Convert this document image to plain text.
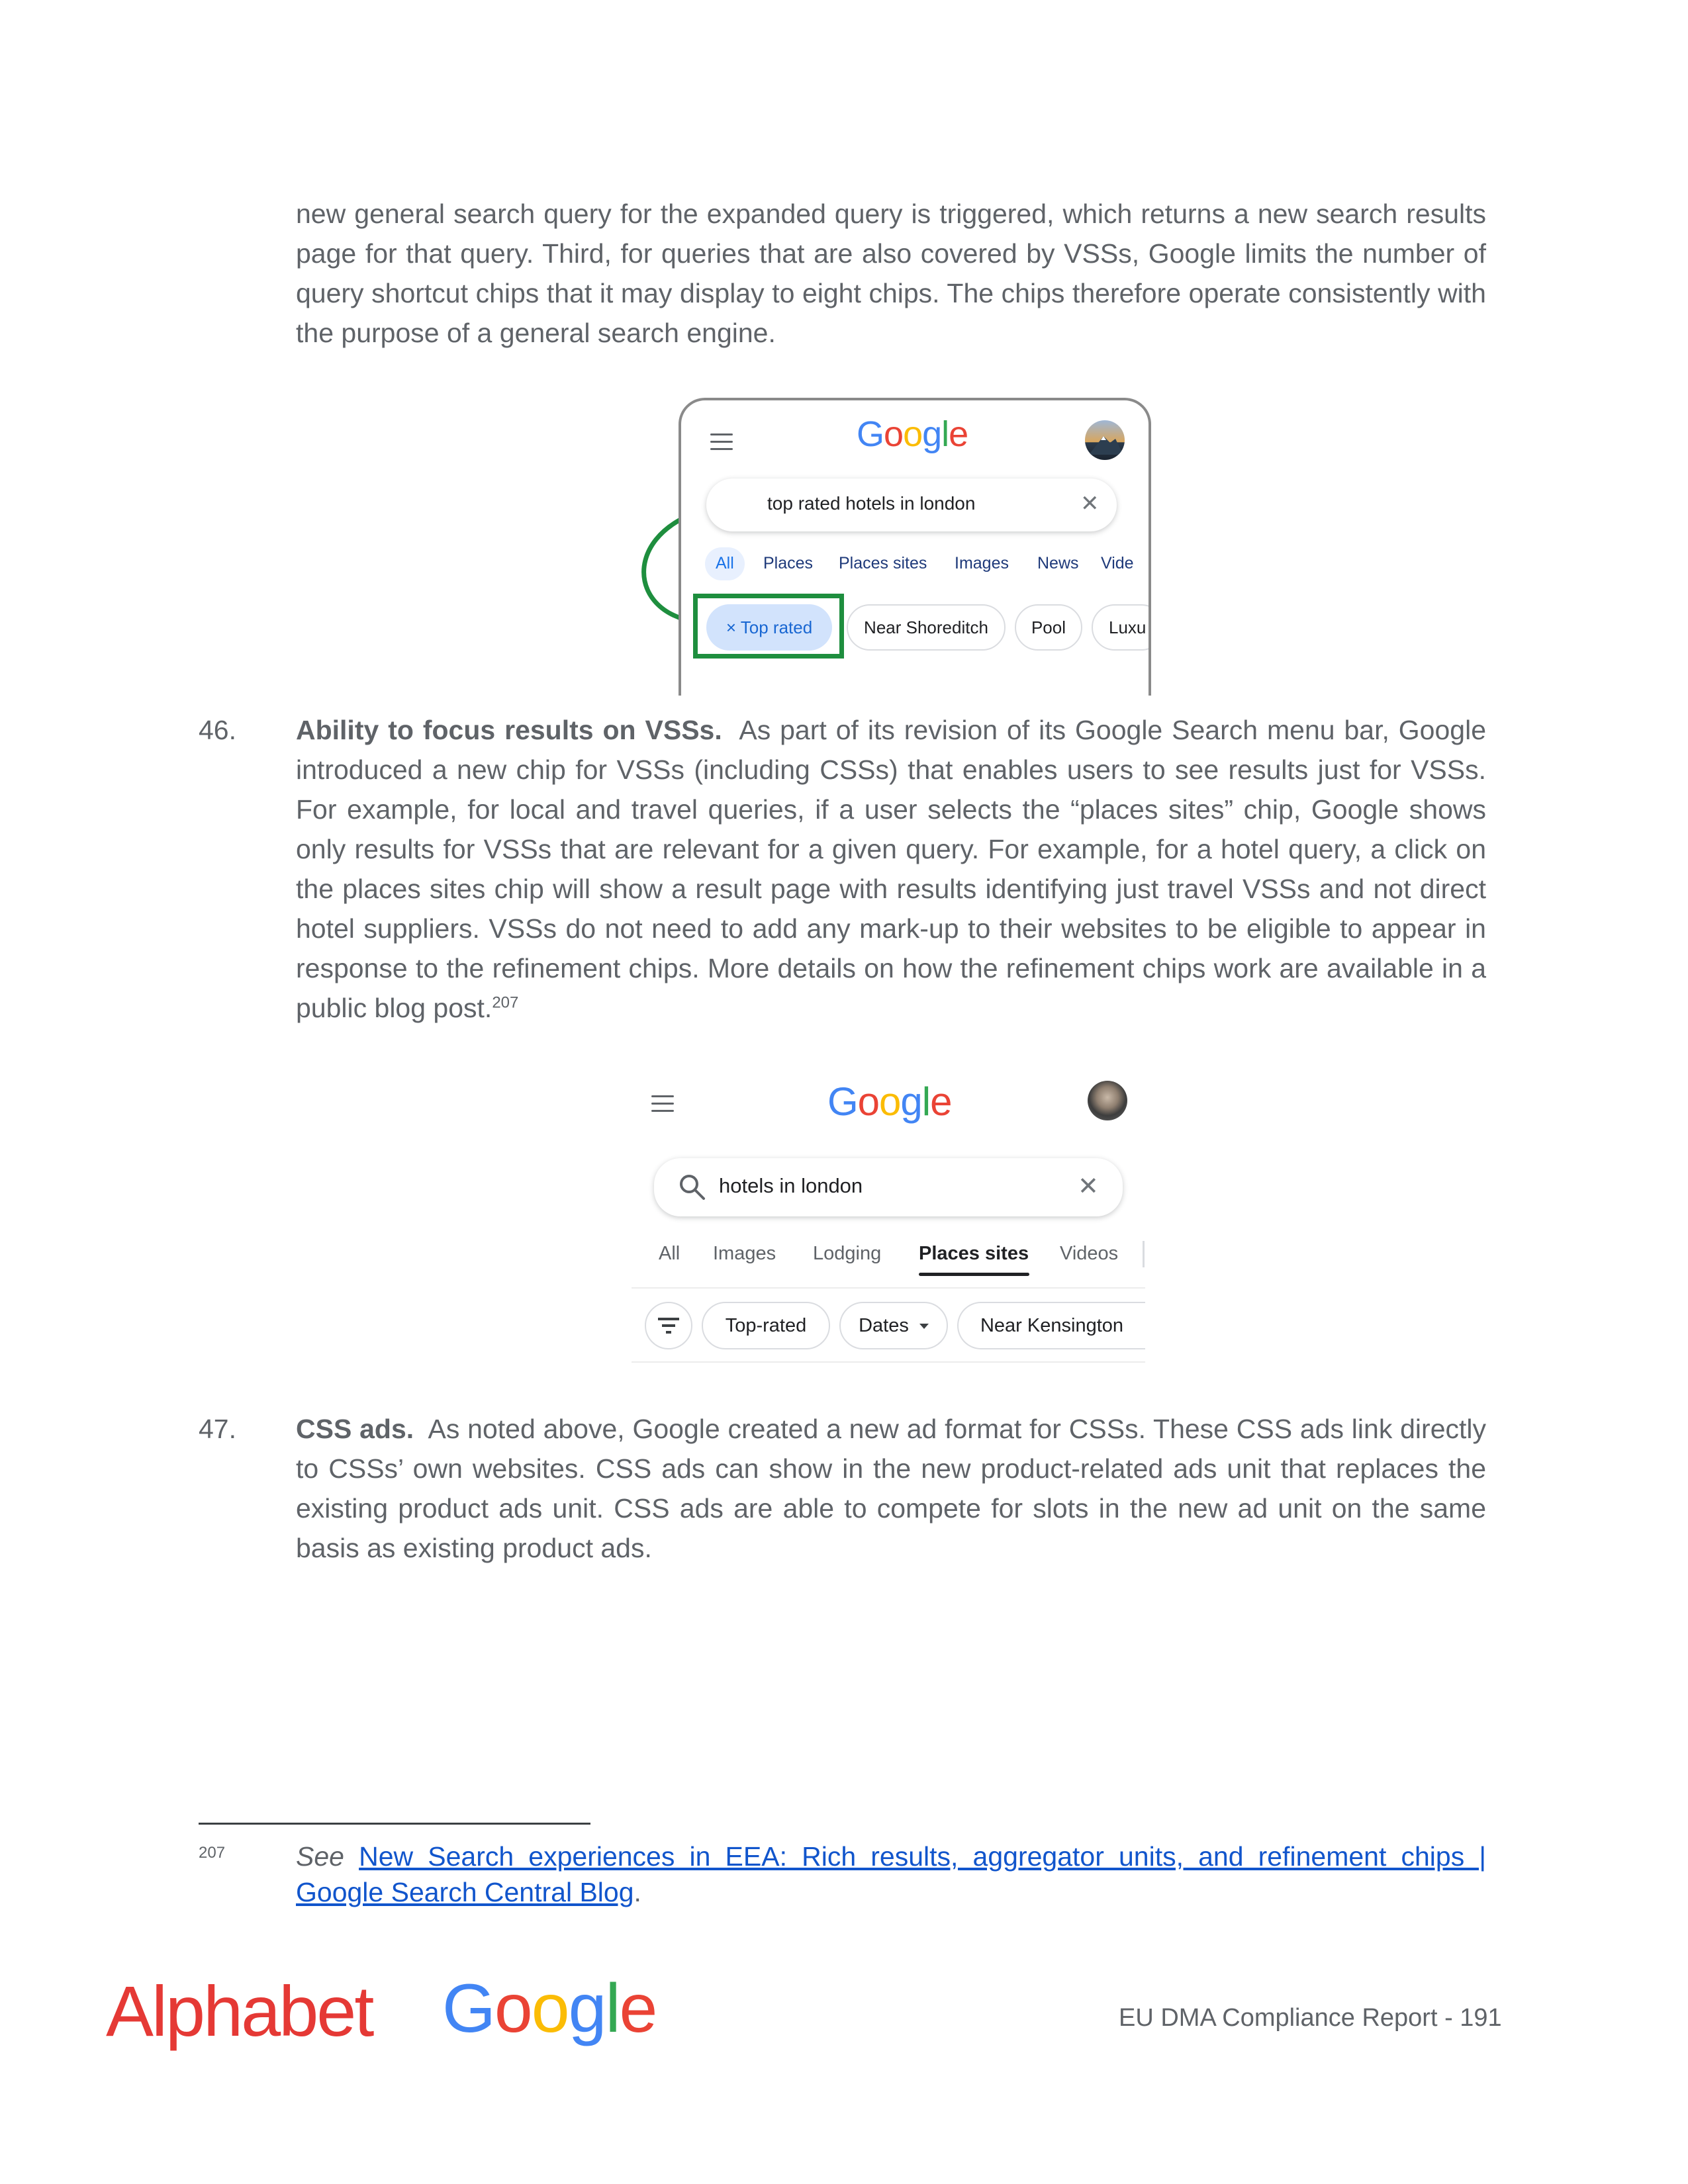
new general search query for the expanded query is triggered, which returns a new search results page for that query. Third, for queries that are also covered by VSSs, Google limits the number of query shortcut chips that it may display to eight chips. The chips therefore operate consistently with the purpose of a general search engine.

Google
top rated hotels in london	✕
All Places Places sites Images News Vide
× Top rated	Near Shoreditch	Pool	Luxu
46. Ability to focus results on VSSs. As part of its revision of its Google Search menu bar, Google introduced a new chip for VSSs (including CSSs) that enables users to see results just for VSSs. For example, for local and travel queries, if a user selects the “places sites” chip, Google shows only results for VSSs that are relevant for a given query. For example, for a hotel query, a click on the places sites chip will show a result page with results identifying just travel VSSs and not direct hotel suppliers. VSSs do not need to add any mark-up to their websites to be eligible to appear in response to the refinement chips. More details on how the refinement chips work are available in a public blog post.$^{207}$

Google
hotels in london	✕
All Images Lodging Places sites Videos
Top-rated	Dates	Near Kensington
47. CSS ads. As noted above, Google created a new ad format for CSSs. These CSS ads link directly to CSSs’ own websites. CSS ads can show in the new product-related ads unit that replaces the existing product ads unit. CSS ads are able to compete for slots in the new ad unit on the same basis as existing product ads.

207	See New Search experiences in EEA: Rich results, aggregator units, and refinement chips | Google Search Central Blog.

Alphabet Google	EU DMA Compliance Report - 191
